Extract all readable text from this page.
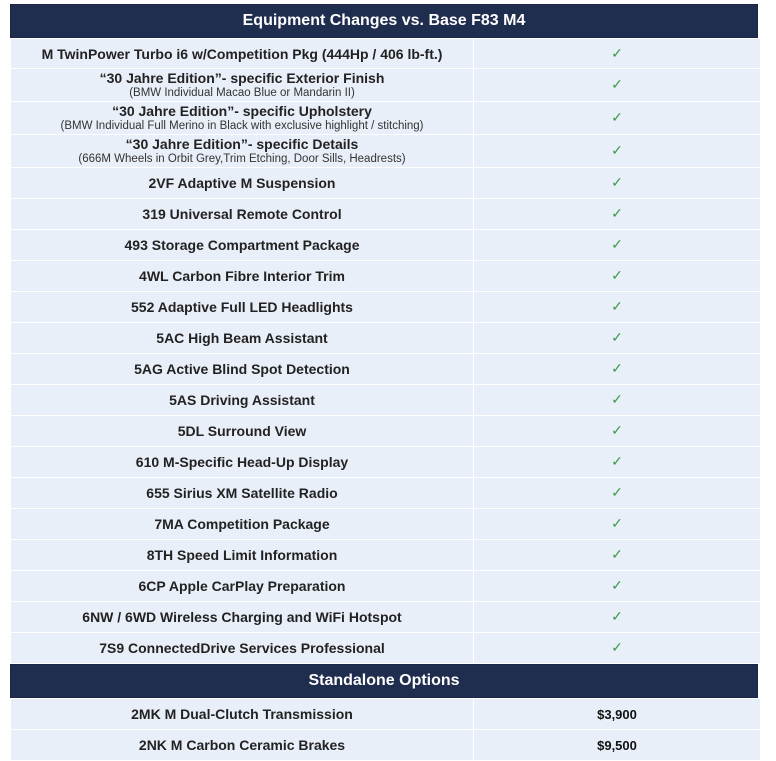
Equipment Changes vs. Base F83 M4
M TwinPower Turbo i6 w/Competition Pkg (444Hp / 406 lb-ft.)	✓

“30 Jahre Edition”- specific Exterior Finish
(BMW Individual Macao Blue or Mandarin II)	✓

“30 Jahre Edition”- specific Upholstery
(BMW Individual Full Merino in Black with exclusive highlight / stitching)	✓

“30 Jahre Edition”- specific Details
(666M Wheels in Orbit Grey,Trim Etching, Door Sills, Headrests)	✓
2VF Adaptive M Suspension	✓
319 Universal Remote Control	✓
493 Storage Compartment Package	✓
4WL Carbon Fibre Interior Trim	✓
552 Adaptive Full LED Headlights	✓
5AC High Beam Assistant	✓
5AG Active Blind Spot Detection	✓
5AS Driving Assistant	✓
5DL Surround View	✓
610 M-Specific Head-Up Display	✓
655 Sirius XM Satellite Radio	✓
7MA Competition Package	✓
8TH Speed Limit Information	✓
6CP Apple CarPlay Preparation	✓
6NW / 6WD Wireless Charging and WiFi Hotspot	✓
7S9 ConnectedDrive Services Professional	✓
Standalone Options
2MK M Dual-Clutch Transmission	$3,900
2NK M Carbon Ceramic Brakes	$9,500
